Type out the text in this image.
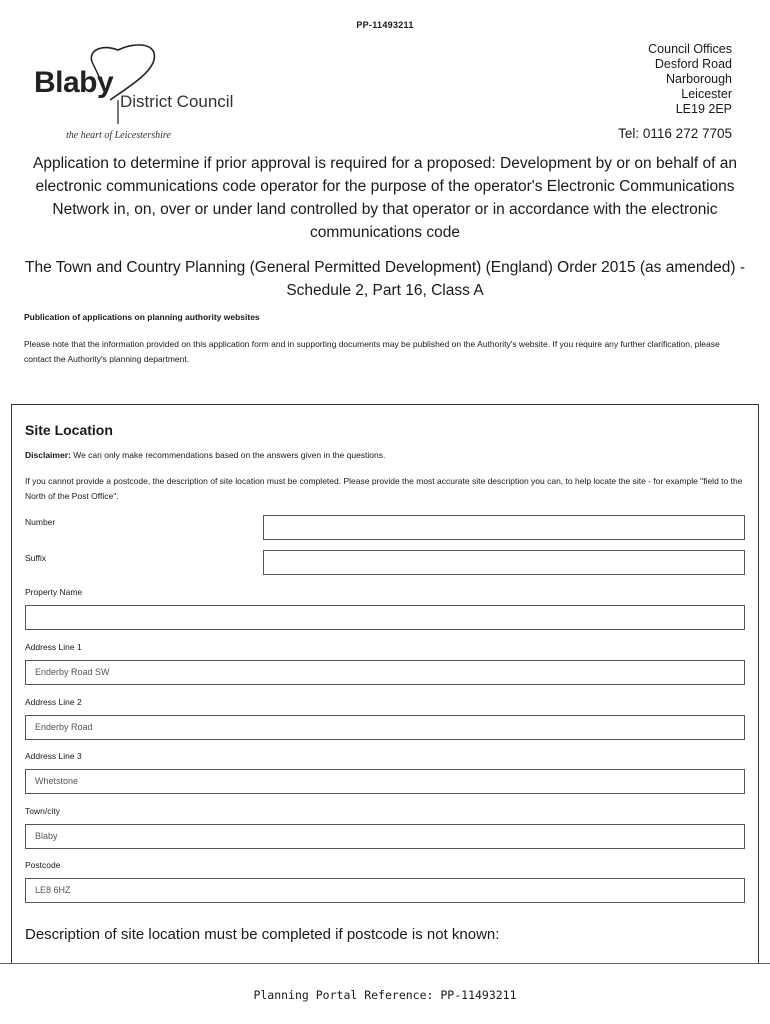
PP-11493211
Blaby
District Council
the heart of Leicestershire
Council Offices
Desford Road
Narborough
Leicester
LE19 2EP
Tel: 0116 272 7705
Application to determine if prior approval is required for a proposed: Development by or on behalf of an electronic communications code operator for the purpose of the operator's Electronic Communications Network in, on, over or under land controlled by that operator or in accordance with the electronic communications code
The Town and Country Planning (General Permitted Development) (England) Order 2015 (as amended) - Schedule 2, Part 16, Class A
Publication of applications on planning authority websites
Please note that the information provided on this application form and in supporting documents may be published on the Authority's website. If you require any further clarification, please contact the Authority's planning department.
Site Location
Disclaimer: We can only make recommendations based on the answers given in the questions.
If you cannot provide a postcode, the description of site location must be completed. Please provide the most accurate site description you can, to help locate the site - for example "field to the North of the Post Office".
Number
Suffix
Property Name
Address Line 1
Enderby Road SW
Address Line 2
Enderby Road
Address Line 3
Whetstone
Town/city
Blaby
Postcode
LE8 6HZ
Description of site location must be completed if postcode is not known:
Planning Portal Reference: PP-11493211
